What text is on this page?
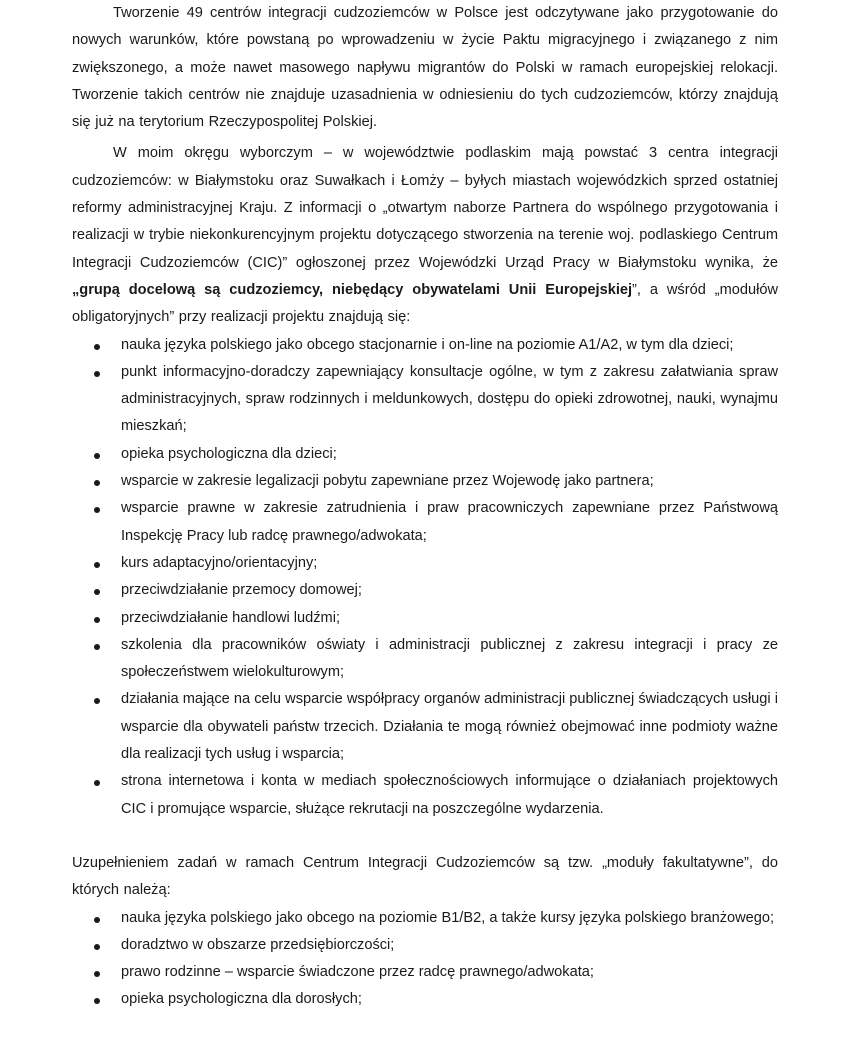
Tworzenie 49 centrów integracji cudzoziemców w Polsce jest odczytywane jako przygotowanie do nowych warunków, które powstaną po wprowadzeniu w życie Paktu migracyjnego i związanego z nim zwiększonego, a może nawet masowego napływu migrantów do Polski w ramach europejskiej relokacji. Tworzenie takich centrów nie znajduje uzasadnienia w odniesieniu do tych cudzoziemców, którzy znajdują się już na terytorium Rzeczypospolitej Polskiej.

W moim okręgu wyborczym – w województwie podlaskim mają powstać 3 centra integracji cudzoziemców: w Białymstoku oraz Suwałkach i Łomży – byłych miastach wojewódzkich sprzed ostatniej reformy administracyjnej Kraju. Z informacji o „otwartym naborze Partnera do wspólnego przygotowania i realizacji w trybie niekonkurencyjnym projektu dotyczącego stworzenia na terenie woj. podlaskiego Centrum Integracji Cudzoziemców (CIC)” ogłoszonej przez Wojewódzki Urząd Pracy w Białymstoku wynika, że „grupą docelową są cudzoziemcy, niebędący obywatelami Unii Europejskiej”, a wśród „modułów obligatoryjnych” przy realizacji projektu znajdują się:

nauka języka polskiego jako obcego stacjonarnie i on-line na poziomie A1/A2, w tym dla dzieci;
punkt informacyjno-doradczy zapewniający konsultacje ogólne, w tym z zakresu załatwiania spraw administracyjnych, spraw rodzinnych i meldunkowych, dostępu do opieki zdrowotnej, nauki, wynajmu mieszkań;
opieka psychologiczna dla dzieci;
wsparcie w zakresie legalizacji pobytu zapewniane przez Wojewodę jako partnera;
wsparcie prawne w zakresie zatrudnienia i praw pracowniczych zapewniane przez Państwową Inspekcję Pracy lub radcę prawnego/adwokata;
kurs adaptacyjno/orientacyjny;
przeciwdziałanie przemocy domowej;
przeciwdziałanie handlowi ludźmi;
szkolenia dla pracowników oświaty i administracji publicznej z zakresu integracji i pracy ze społeczeństwem wielokulturowym;
działania mające na celu wsparcie współpracy organów administracji publicznej świadczących usługi i wsparcie dla obywateli państw trzecich. Działania te mogą również obejmować inne podmioty ważne dla realizacji tych usług i wsparcia;
strona internetowa i konta w mediach społecznościowych informujące o działaniach projektowych CIC i promujące wsparcie, służące rekrutacji na poszczególne wydarzenia.

Uzupełnieniem zadań w ramach Centrum Integracji Cudzoziemców są tzw. „moduły fakultatywne”, do których należą:

nauka języka polskiego jako obcego na poziomie B1/B2, a także kursy języka polskiego branżowego;
doradztwo w obszarze przedsiębiorczości;
prawo rodzinne – wsparcie świadczone przez radcę prawnego/adwokata;
opieka psychologiczna dla dorosłych;
